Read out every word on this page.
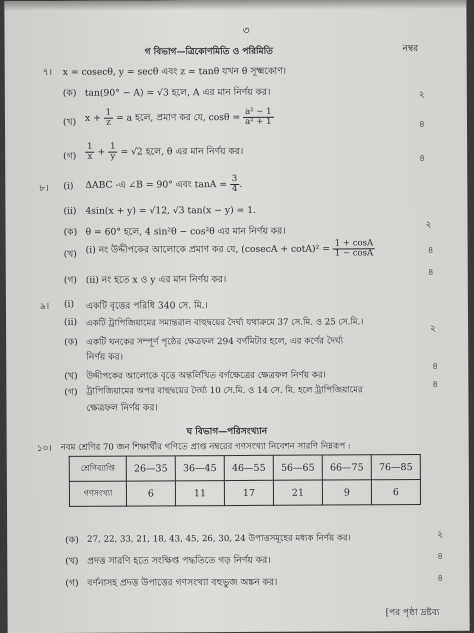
৩
গ বিভাগ—ত্রিকোণমিতি ও পরিমিতি	নম্বর
৭। x = cosecθ, y = secθ এবং z = tanθ যখন θ সূক্ষ্মকোণ।
(ক) tan(90° − A) = √3 হলে, A এর মান নির্ণয় কর।	২
(খ) $x + \frac{1}{z} = a$ হলে, প্রমাণ কর যে, $\cos\theta = \frac{\text{a² − 1}}{\text{a² + 1}}$	৪
(গ) $\frac{1}{x} + \frac{1}{y} = √2$ হলে, θ এর মান নির্ণয় কর।
৪
৮। (i) ΔABC -এ ∠B = 90° এবং $\tan A = \frac{3}{4}$ .
(ii) 4sin(x + y) = √12, √3 tan(x − y) = 1.
(ক) θ = 60° হলে, 4 sin²θ − cos²θ এর মান নির্ণয় কর।
২
(খ) (i) নং উদ্দীপকের আলোকে প্রমাণ কর যে, $(cosecA + \cot A)^2 = \frac{1 + \cos A}{1 - \cos A}$	৪
(গ) (ii) নং হতে x ও y এর মান নির্ণয় কর।
৪
৯। (i) একটি বৃত্তের পরিধি 340 সে. মি.।
(ii) একটি ট্রাপিজিয়ামের সমান্তরাল বাহুদ্বয়ের দৈর্ঘ্য যথাক্রমে 37 সে.মি. ও 25 সে.মি.।
(ক) একটি ঘনকের সম্পূর্ণ পৃষ্ঠের ক্ষেত্রফল 294 বর্গমিটার হলে, এর কর্ণের দৈর্ঘ্য
নির্ণয় কর।
২
(খ) উদ্দীপকের আলোকে বৃত্তে অন্তর্লিখিত বর্গক্ষেত্রের ক্ষেত্রফল নির্ণয় কর।
৪
(গ) ট্রাপিজিয়ামের অপর বাহুদ্বয়ের দৈর্ঘ্য 10 সে.মি. ও 14 সে. মি. হলে ট্রাপিজিয়ামের
ক্ষেত্রফল নির্ণয় কর।
৪
ঘ বিভাগ—পরিসংখ্যান
১০। নবম শ্রেণির 70 জন শিক্ষার্থীর গণিতে প্রাপ্ত নম্বরের গণসংখ্যা নিবেশন সারণি নিম্নরূপ :
শ্রেণিব্যাপ্তি	26—35	36—45	46—55	56—65	66—75	76—85
গণসংখ্যা	6	11	17	21	9	6
(ক) 27, 22, 33, 21, 18, 43, 45, 26, 30, 24 উপাত্তসমূহের মধ্যক নির্ণয় কর।	২
(খ) প্রদত্ত সারণি হতে সংক্ষিপ্ত পদ্ধতিতে গড় নির্ণয় কর।	৪
(গ) বর্ণনাসহ প্রদত্ত উপাত্তের গণসংখ্যা বহুভুজ অঙ্কন কর।	৪
[পর পৃষ্ঠা দ্রষ্টব্য
